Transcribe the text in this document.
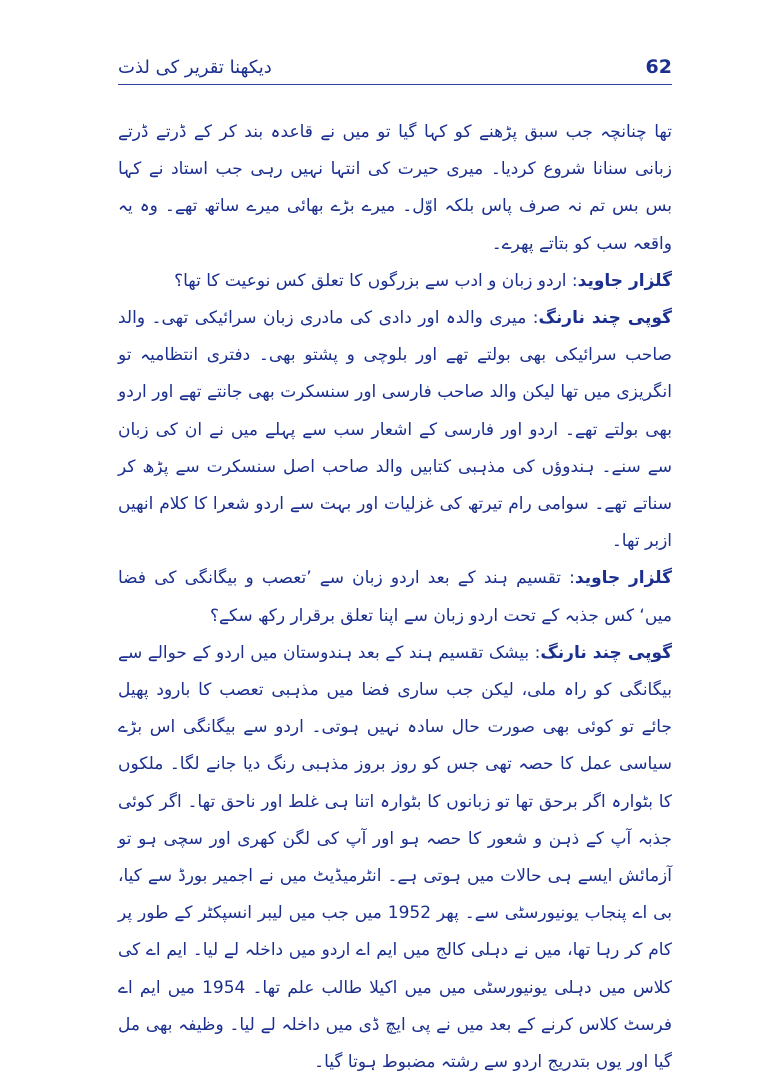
62
دیکھنا تقریر کی لذت

تھا چنانچہ جب سبق پڑھنے کو کہا گیا تو میں نے قاعدہ بند کر کے ڈرتے ڈرتے زبانی سنانا شروع کردیا۔ میری حیرت کی انتہا نہیں رہی جب استاد نے کہا بس بس تم نہ صرف پاس بلکہ اوّل۔ میرے بڑے بھائی میرے ساتھ تھے۔ وہ یہ واقعہ سب کو بتاتے پھرے۔

گلزار جاوید: اردو زبان و ادب سے بزرگوں کا تعلق کس نوعیت کا تھا؟

گوپی چند نارنگ: میری والدہ اور دادی کی مادری زبان سرائیکی تھی۔ والد صاحب سرائیکی بھی بولتے تھے اور بلوچی و پشتو بھی۔ دفتری انتظامیہ تو انگریزی میں تھا لیکن والد صاحب فارسی اور سنسکرت بھی جانتے تھے اور اردو بھی بولتے تھے۔ اردو اور فارسی کے اشعار سب سے پہلے میں نے ان کی زبان سے سنے۔ ہندوؤں کی مذہبی کتابیں والد صاحب اصل سنسکرت سے پڑھ کر سناتے تھے۔ سوامی رام تیرتھ کی غزلیات اور بہت سے اردو شعرا کا کلام انھیں ازبر تھا۔

گلزار جاوید: تقسیم ہند کے بعد اردو زبان سے ’تعصب و بیگانگی کی فضا میں‘ کس جذبہ کے تحت اردو زبان سے اپنا تعلق برقرار رکھ سکے؟

گوپی چند نارنگ: بیشک تقسیم ہند کے بعد ہندوستان میں اردو کے حوالے سے بیگانگی کو راہ ملی، لیکن جب ساری فضا میں مذہبی تعصب کا بارود پھیل جائے تو کوئی بھی صورت حال سادہ نہیں ہوتی۔ اردو سے بیگانگی اس بڑے سیاسی عمل کا حصہ تھی جس کو روز بروز مذہبی رنگ دیا جانے لگا۔ ملکوں کا بٹوارہ اگر برحق تھا تو زبانوں کا بٹوارہ اتنا ہی غلط اور ناحق تھا۔ اگر کوئی جذبہ آپ کے ذہن و شعور کا حصہ ہو اور آپ کی لگن کھری اور سچی ہو تو آزمائش ایسے ہی حالات میں ہوتی ہے۔ انٹرمیڈیٹ میں نے اجمیر بورڈ سے کیا، بی اے پنجاب یونیورسٹی سے۔ پھر 1952 میں جب میں لیبر انسپکٹر کے طور پر کام کر رہا تھا، میں نے دہلی کالج میں ایم اے اردو میں داخلہ لے لیا۔ ایم اے کی کلاس میں دہلی یونیورسٹی میں میں اکیلا طالب علم تھا۔ 1954 میں ایم اے فرسٹ کلاس کرنے کے بعد میں نے پی ایچ ڈی میں داخلہ لے لیا۔ وظیفہ بھی مل گیا اور یوں بتدریج اردو سے رشتہ مضبوط ہوتا گیا۔
